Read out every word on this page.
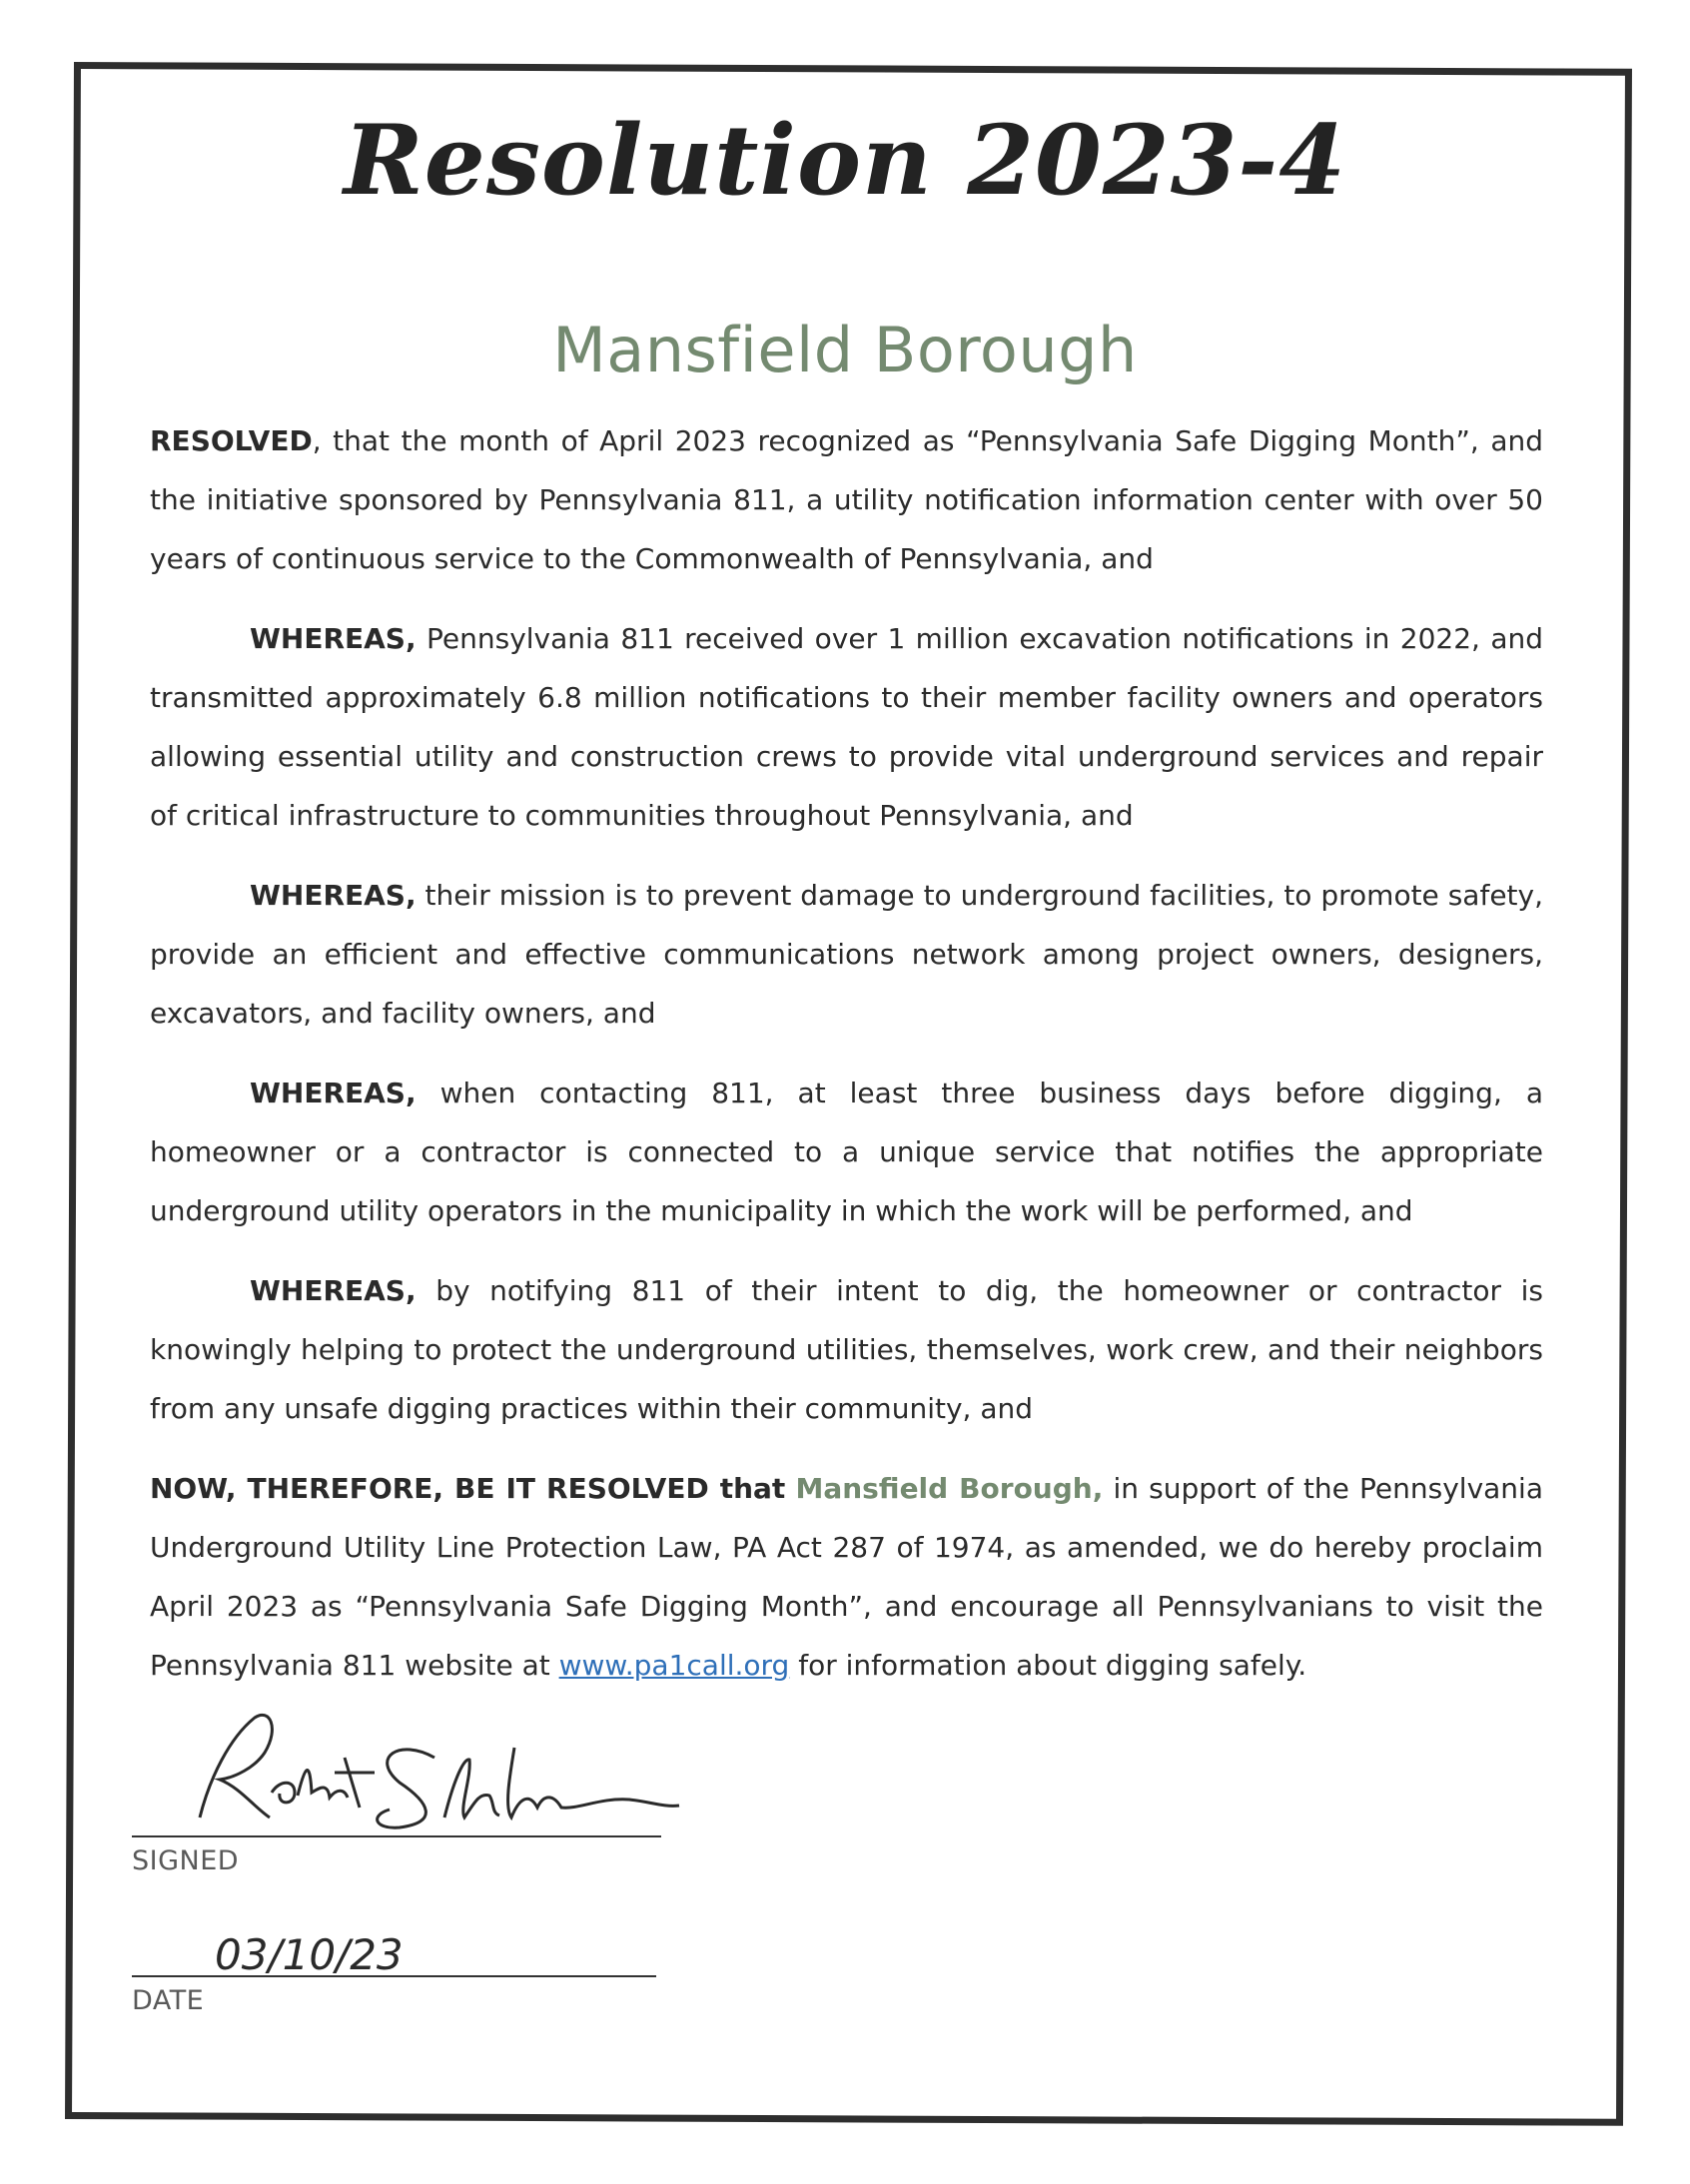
Resolution 2023-4
Mansfield Borough

RESOLVED, that the month of April 2023 recognized as “Pennsylvania Safe Digging Month”, and the initiative sponsored by Pennsylvania 811, a utility notification information center with over 50 years of continuous service to the Commonwealth of Pennsylvania, and

WHEREAS, Pennsylvania 811 received over 1 million excavation notifications in 2022, and transmitted approximately 6.8 million notifications to their member facility owners and operators allowing essential utility and construction crews to provide vital underground services and repair of critical infrastructure to communities throughout Pennsylvania, and

WHEREAS, their mission is to prevent damage to underground facilities, to promote safety, provide an efficient and effective communications network among project owners, designers, excavators, and facility owners, and

WHEREAS, when contacting 811, at least three business days before digging, a homeowner or a contractor is connected to a unique service that notifies the appropriate underground utility operators in the municipality in which the work will be performed, and

WHEREAS, by notifying 811 of their intent to dig, the homeowner or contractor is knowingly helping to protect the underground utilities, themselves, work crew, and their neighbors from any unsafe digging practices within their community, and

NOW, THEREFORE, BE IT RESOLVED that Mansfield Borough, in support of the Pennsylvania Underground Utility Line Protection Law, PA Act 287 of 1974, as amended, we do hereby proclaim April 2023 as “Pennsylvania Safe Digging Month”, and encourage all Pennsylvanians to visit the Pennsylvania 811 website at www.pa1call.org for information about digging safely.

SIGNED
03/10/23
DATE
